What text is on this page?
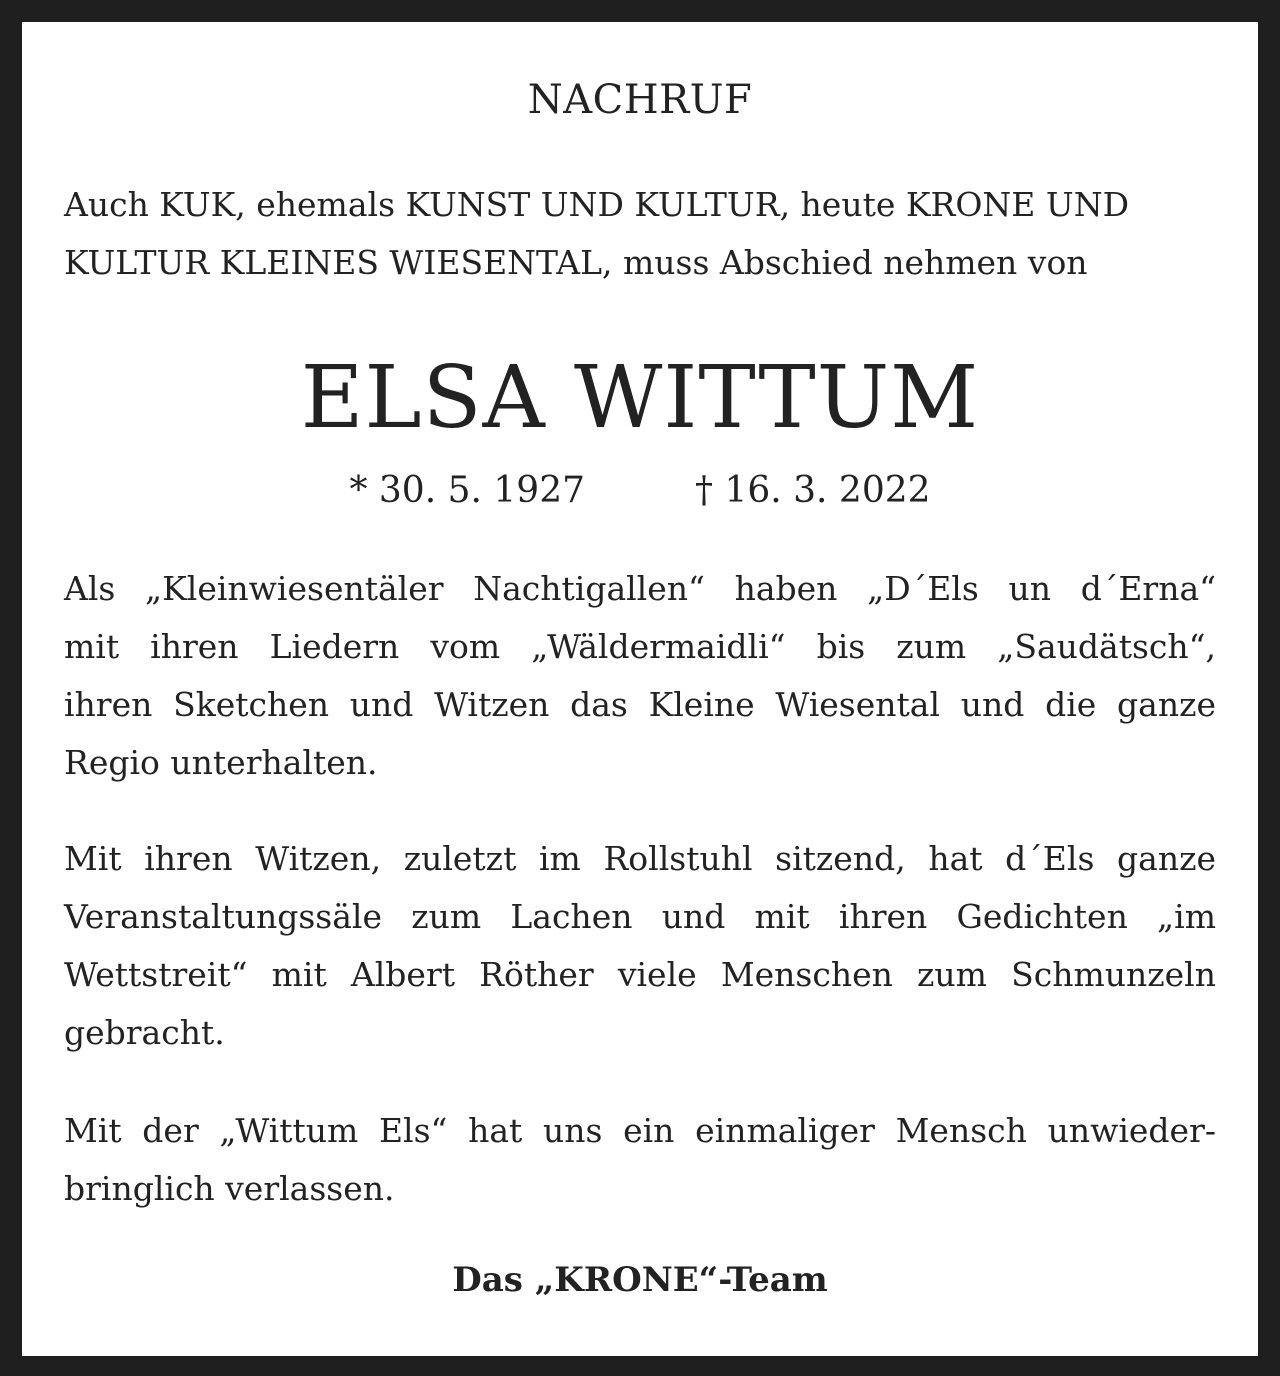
NACHRUF
Auch KUK, ehemals KUNST UND KULTUR, heute KRONE UND
KULTUR KLEINES WIESENTAL, muss Abschied nehmen von
ELSA WITTUM
* 30. 5. 1927	† 16. 3. 2022
Als „Kleinwiesentäler Nachtigallen“ haben „D´Els un d´Erna“
mit ihren Liedern vom „Wäldermaidli“ bis zum „Saudätsch“,
ihren Sketchen und Witzen das Kleine Wiesental und die ganze
Regio unterhalten.
Mit ihren Witzen, zuletzt im Rollstuhl sitzend, hat d´Els ganze
Veranstaltungssäle zum Lachen und mit ihren Gedichten „im
Wettstreit“ mit Albert Röther viele Menschen zum Schmunzeln
gebracht.
Mit der „Wittum Els“ hat uns ein einmaliger Mensch unwieder-
bringlich verlassen.
Das „KRONE“-Team
